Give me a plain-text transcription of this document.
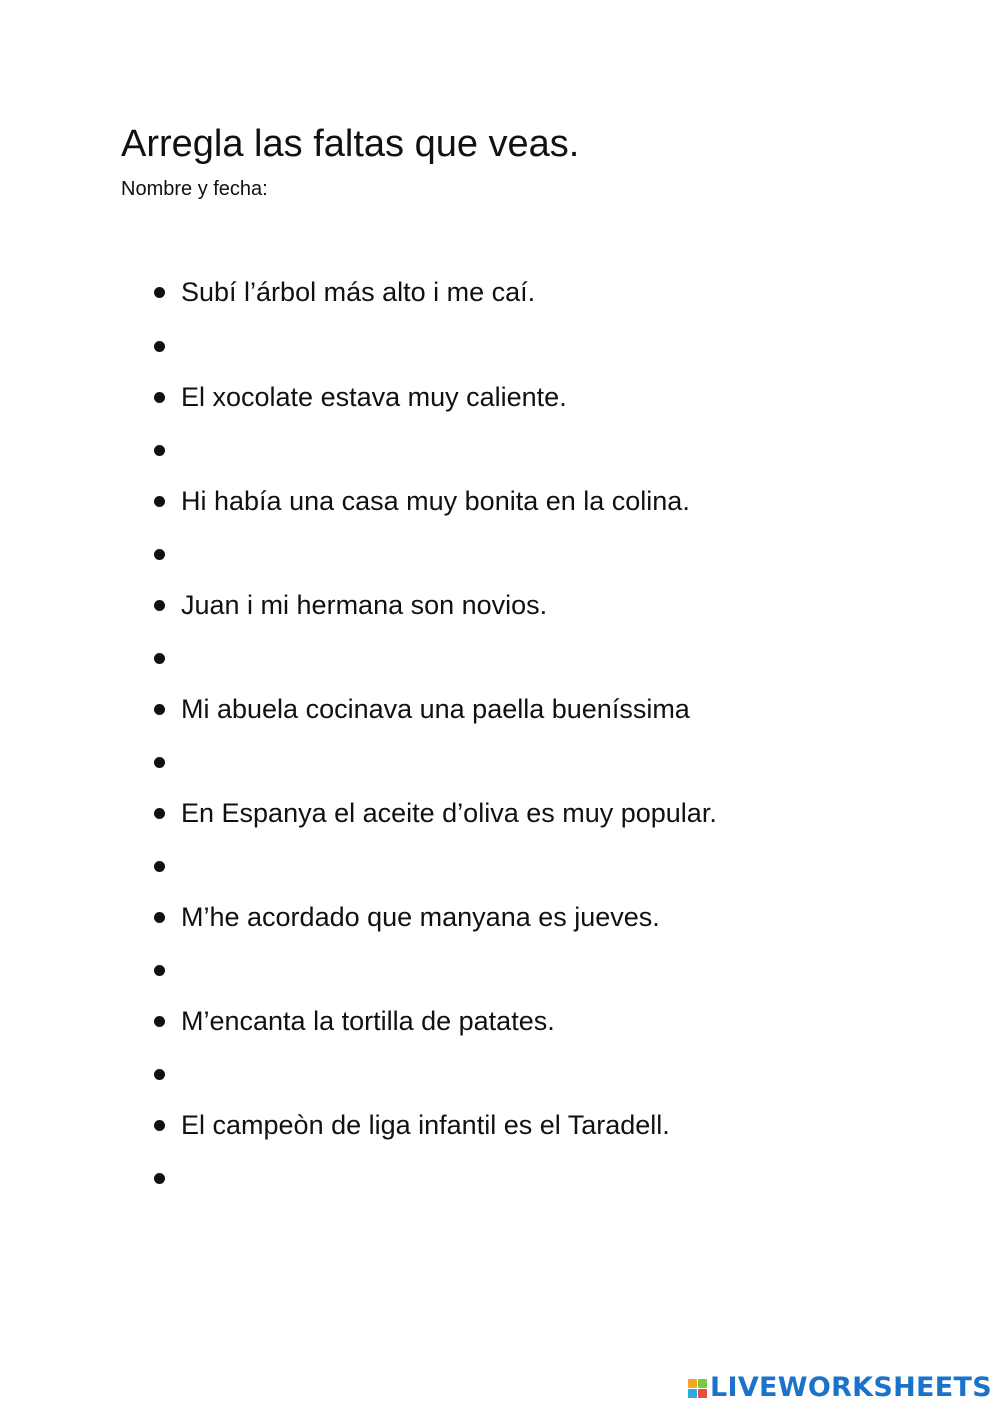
Arregla las faltas que veas.
Nombre y fecha:
Subí l’árbol más alto i me caí.
El xocolate estava muy caliente.
Hi había una casa muy bonita en la colina.
Juan i mi hermana son novios.
Mi abuela cocinava una paella bueníssima
En Espanya el aceite d’oliva es muy popular.
M’he acordado que manyana es jueves.
M’encanta la tortilla de patates.
El campeòn de liga infantil es el Taradell.
LIVEWORKSHEETS
